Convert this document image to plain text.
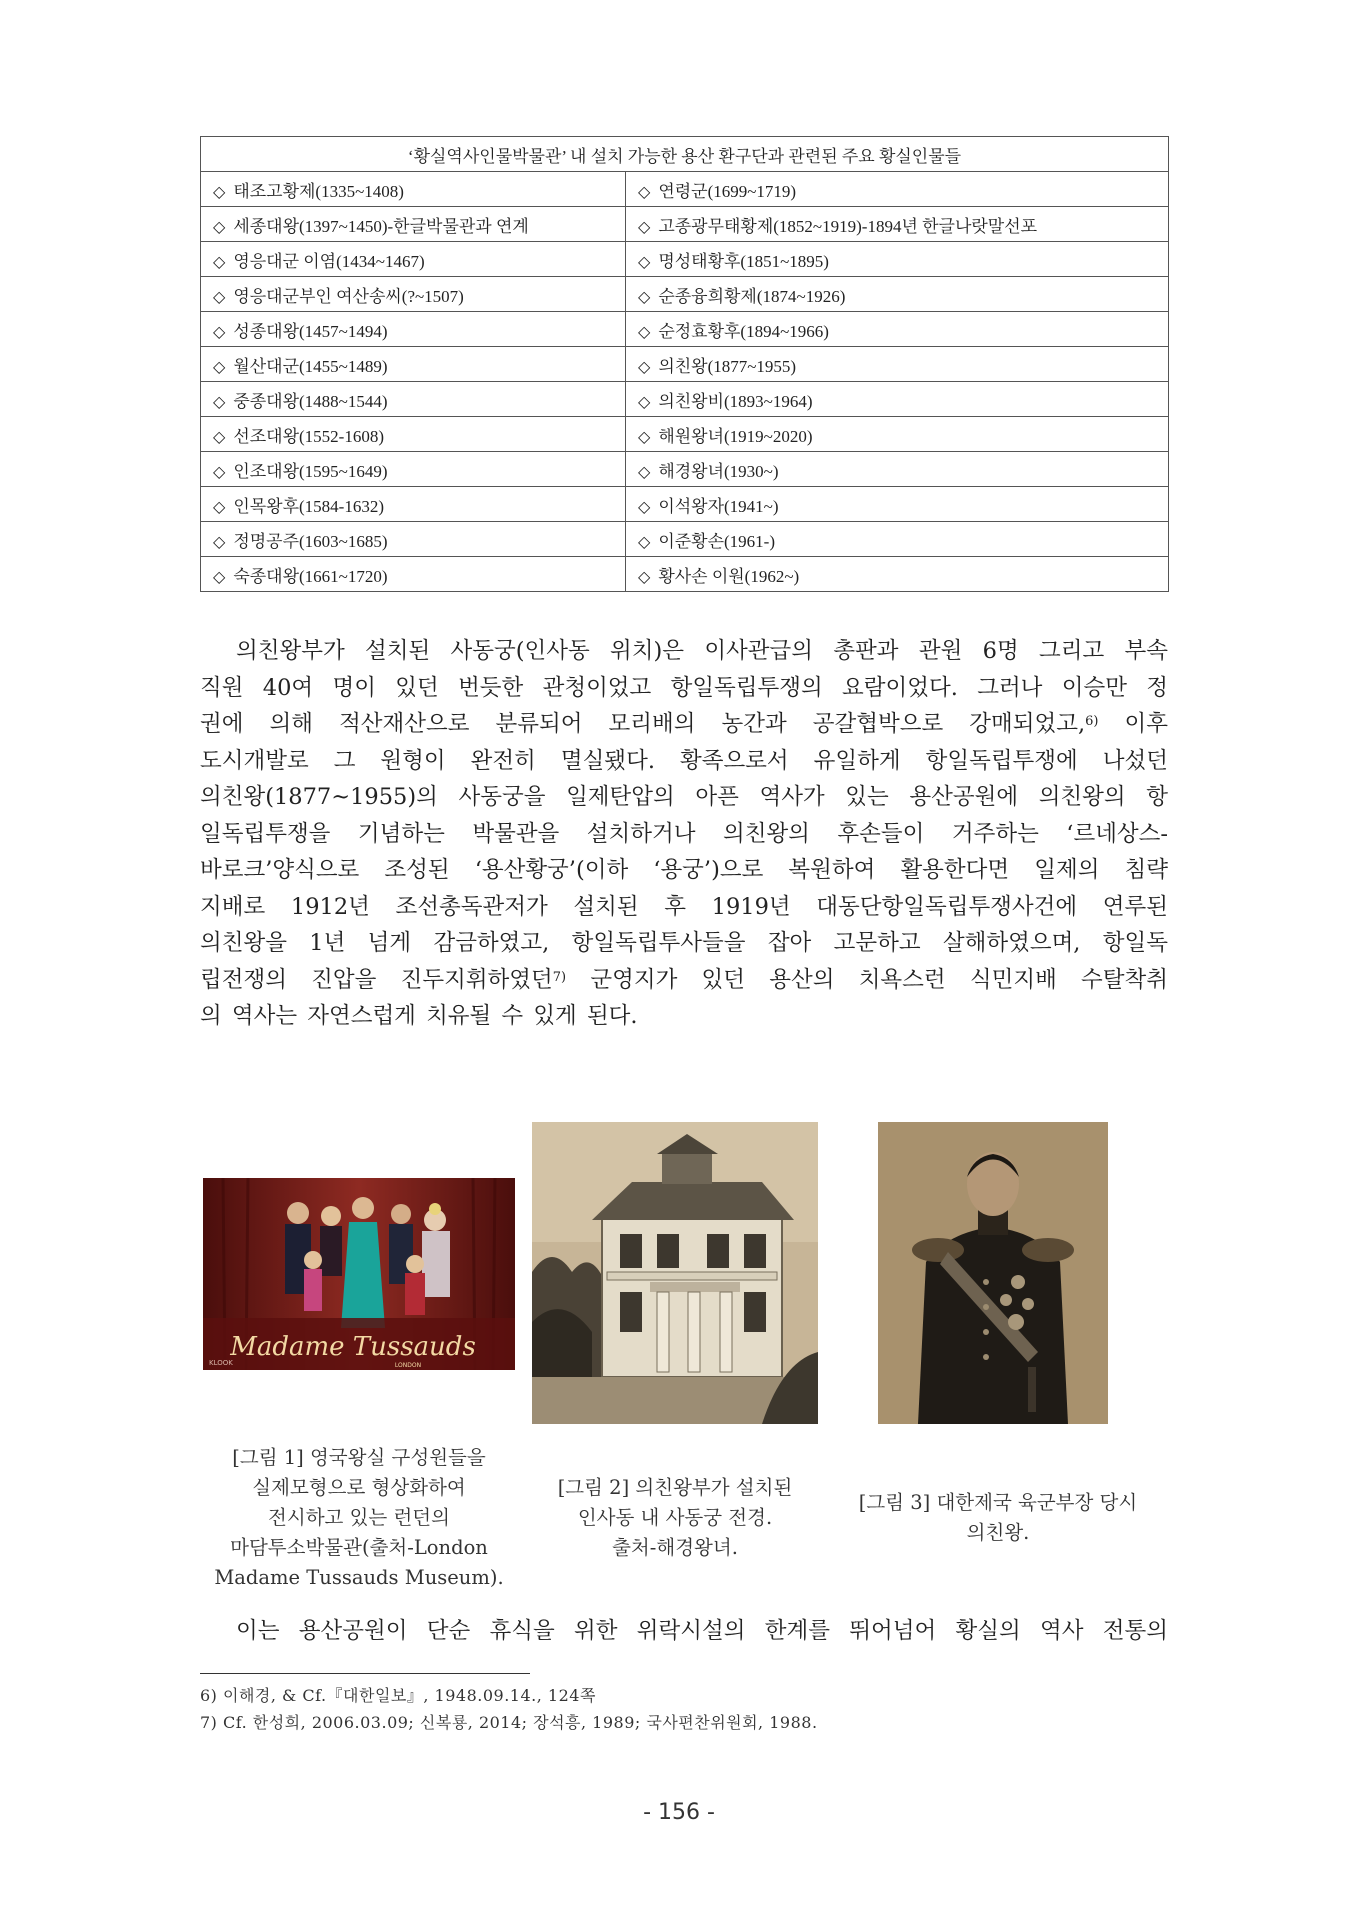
‘황실역사인물박물관’ 내 설치 가능한 용산 환구단과 관련된 주요 황실인물들	
◇ 태조고황제(1335~1408)	◇ 연령군(1699~1719)
◇ 세종대왕(1397~1450)-한글박물관과 연계	◇ 고종광무태황제(1852~1919)-1894년 한글나랏말선포
◇ 영응대군 이염(1434~1467)	◇ 명성태황후(1851~1895)
◇ 영응대군부인 여산송씨(?~1507)	◇ 순종융희황제(1874~1926)
◇ 성종대왕(1457~1494)	◇ 순정효황후(1894~1966)
◇ 월산대군(1455~1489)	◇ 의친왕(1877~1955)
◇ 중종대왕(1488~1544)	◇ 의친왕비(1893~1964)
◇ 선조대왕(1552-1608)	◇ 해원왕녀(1919~2020)
◇ 인조대왕(1595~1649)	◇ 해경왕녀(1930~)
◇ 인목왕후(1584-1632)	◇ 이석왕자(1941~)
◇ 정명공주(1603~1685)	◇ 이준황손(1961-)
◇ 숙종대왕(1661~1720)	◇ 황사손 이원(1962~)
의친왕부가 설치된 사동궁(인사동 위치)은 이사관급의 총판과 관원 6명 그리고 부속
직원 40여 명이 있던 번듯한 관청이었고 항일독립투쟁의 요람이었다. 그러나 이승만 정
권에 의해 적산재산으로 분류되어 모리배의 농간과 공갈협박으로 강매되었고,$^{6)}$ 이후
도시개발로 그 원형이 완전히 멸실됐다. 황족으로서 유일하게 항일독립투쟁에 나섰던
의친왕(1877~1955)의 사동궁을 일제탄압의 아픈 역사가 있는 용산공원에 의친왕의 항
일독립투쟁을 기념하는 박물관을 설치하거나 의친왕의 후손들이 거주하는 ‘르네상스-
바로크’양식으로 조성된 ‘용산황궁’(이하 ‘용궁’)으로 복원하여 활용한다면 일제의 침략
지배로 1912년 조선총독관저가 설치된 후 1919년 대동단항일독립투쟁사건에 연루된
의친왕을 1년 넘게 감금하였고, 항일독립투사들을 잡아 고문하고 살해하였으며, 항일독
립전쟁의 진압을 진두지휘하였던$^{7)}$ 군영지가 있던 용산의 치욕스런 식민지배 수탈착취
의 역사는 자연스럽게 치유될 수 있게 된다.
Madame Tussauds
LONDON
KLOOK
[그림 1] 영국왕실 구성원들을
실제모형으로 형상화하여
전시하고 있는 런던의
마담투소박물관(출처-London
Madame Tussauds Museum).
[그림 2] 의친왕부가 설치된
인사동 내 사동궁 전경.
출처-해경왕녀.
[그림 3] 대한제국 육군부장 당시
의친왕.
이는 용산공원이 단순 휴식을 위한 위락시설의 한계를 뛰어넘어 황실의 역사 전통의
6) 이해경, & Cf.『대한일보』, 1948.09.14., 124쪽
7) Cf. 한성희, 2006.03.09; 신복룡, 2014; 장석흥, 1989; 국사편찬위원회, 1988.
- 156 -
